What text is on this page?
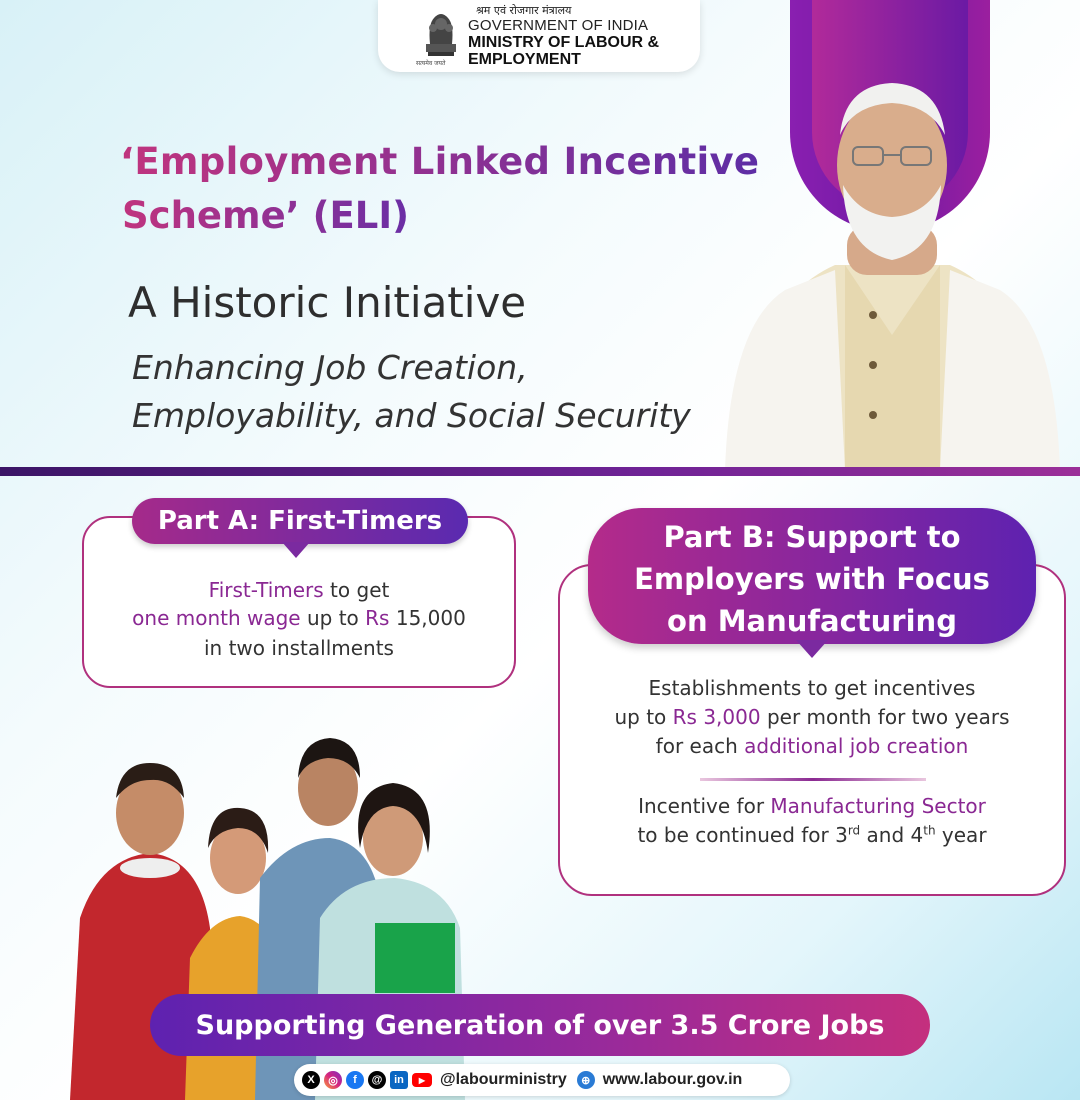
श्रम एवं रोजगार मंत्रालय
GOVERNMENT OF INDIA
MINISTRY OF LABOUR &
EMPLOYMENT
सत्यमेव जयते
‘Employment Linked Incentive
Scheme’ (ELI)
A Historic Initiative
Enhancing Job Creation,
Employability, and Social Security
Part A: First-Timers
First-Timers to get
one month wage up to Rs 15,000
in two installments
Part B: Support to
Employers with Focus
on Manufacturing
Establishments to get incentives
up to Rs 3,000 per month for two years
for each additional job creation
Incentive for Manufacturing Sector
to be continued for 3rd and 4th year
Supporting Generation of over 3.5 Crore Jobs
X	◎	f	@	in	▶ @labourministry	⊕ www.labour.gov.in
